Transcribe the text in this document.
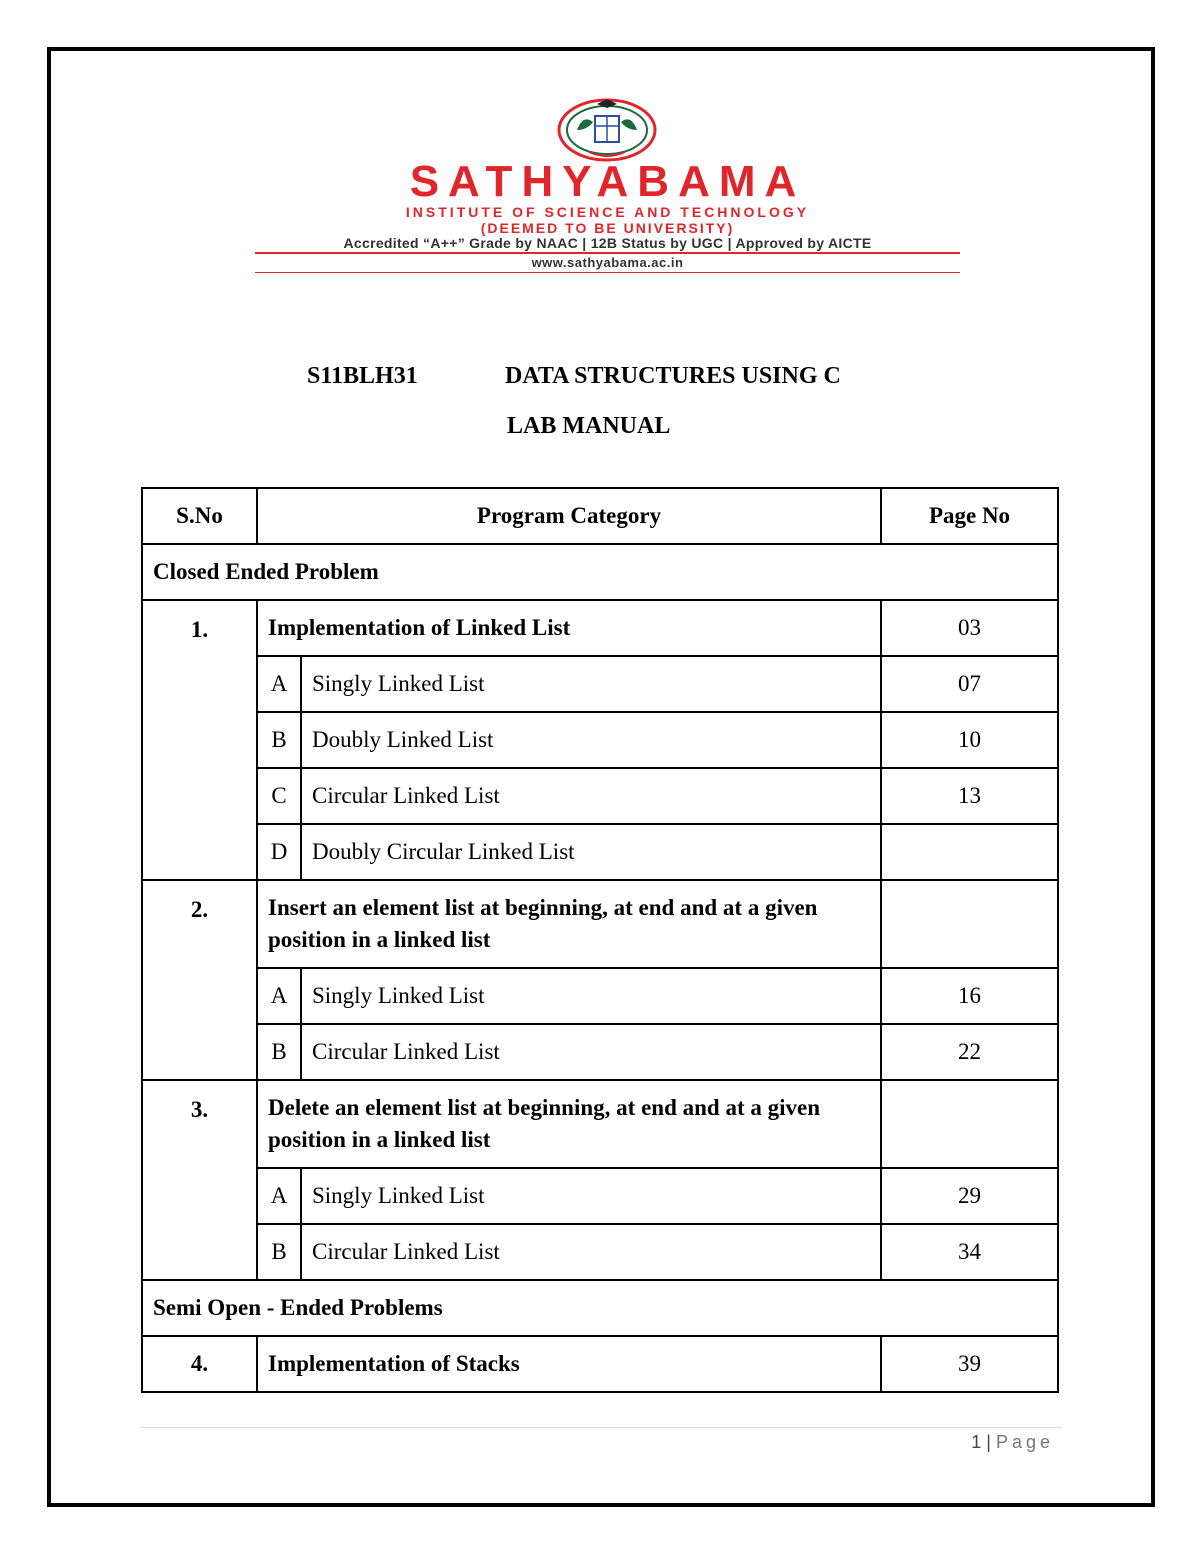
SATHYABAMA
INSTITUTE OF SCIENCE AND TECHNOLOGY
(DEEMED TO BE UNIVERSITY)
Accredited “A++” Grade by NAAC | 12B Status by UGC | Approved by AICTE
www.sathyabama.ac.in
S11BLH31	DATA STRUCTURES USING C
LAB MANUAL
S.No	Program Category		Page No
Closed Ended Problem			

1.	Implementation of Linked List		03
	A	Singly Linked List	07
	B	Doubly Linked List	10
	C	Circular Linked List	13
	D	Doubly Circular Linked List	

2.	Insert an element list at beginning, at end and at a given position in a linked list		
	A	Singly Linked List	16
	B	Circular Linked List	22

3.	Delete an element list at beginning, at end and at a given position in a linked list		
	A	Singly Linked List	29
	B	Circular Linked List	34
Semi Open - Ended Problems			
4.	Implementation of Stacks		39
1 | Page
